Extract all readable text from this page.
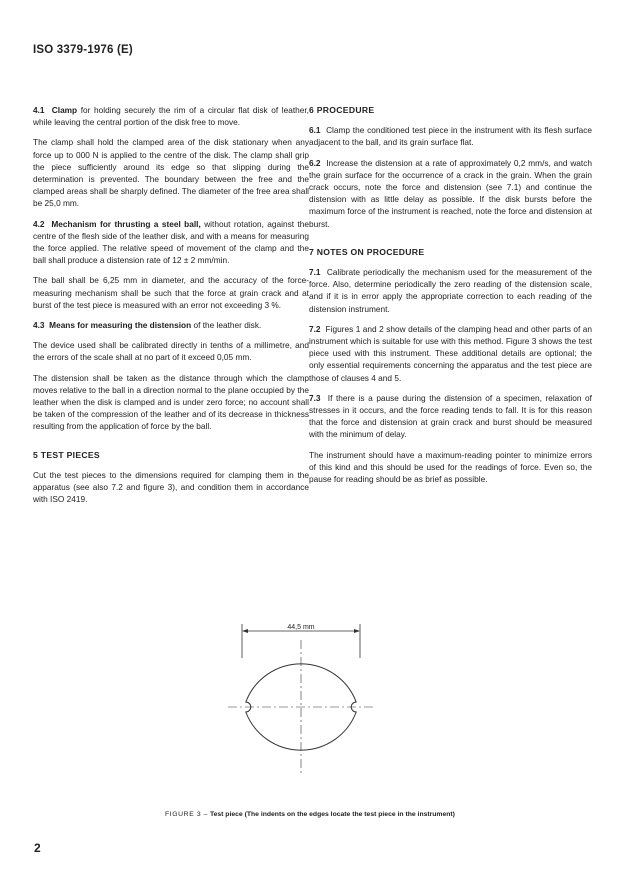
ISO 3379-1976 (E)

4.1 Clamp for holding securely the rim of a circular flat disk of leather, while leaving the central portion of the disk free to move.

The clamp shall hold the clamped area of the disk stationary when any force up to 000 N is applied to the centre of the disk. The clamp shall grip the piece sufficiently around its edge so that slipping during the determination is prevented. The boundary between the free and the clamped areas shall be sharply defined. The diameter of the free area shall be 25,0 mm.

4.2 Mechanism for thrusting a steel ball, without rotation, against the centre of the flesh side of the leather disk, and with a means for measuring the force applied. The relative speed of movement of the clamp and the ball shall produce a distension rate of 12 ± 2 mm/min.

The ball shall be 6,25 mm in diameter, and the accuracy of the force-measuring mechanism shall be such that the force at grain crack and at burst of the test piece is measured with an error not exceeding 3 %.

4.3 Means for measuring the distension of the leather disk.

The device used shall be calibrated directly in tenths of a millimetre, and the errors of the scale shall at no part of it exceed 0,05 mm.

The distension shall be taken as the distance through which the clamp moves relative to the ball in a direction normal to the plane occupied by the leather when the disk is clamped and is under zero force; no account shall be taken of the compression of the leather and of its decrease in thickness resulting from the application of force by the ball.

5 TEST PIECES

Cut the test pieces to the dimensions required for clamping them in the apparatus (see also 7.2 and figure 3), and condition them in accordance with ISO 2419.

6 PROCEDURE

6.1 Clamp the conditioned test piece in the instrument with its flesh surface adjacent to the ball, and its grain surface flat.

6.2 Increase the distension at a rate of approximately 0,2 mm/s, and watch the grain surface for the occurrence of a crack in the grain. When the grain crack occurs, note the force and distension (see 7.1) and continue the distension with as little delay as possible. If the disk bursts before the maximum force of the instrument is reached, note the force and distension at burst.

7 NOTES ON PROCEDURE

7.1 Calibrate periodically the mechanism used for the measurement of the force. Also, determine periodically the zero reading of the distension scale, and if it is in error apply the appropriate correction to each reading of the distension instrument.

7.2 Figures 1 and 2 show details of the clamping head and other parts of an instrument which is suitable for use with this method. Figure 3 shows the test piece used with this instrument. These additional details are optional; the only essential requirements concerning the apparatus and the test piece are those of clauses 4 and 5.

7.3 If there is a pause during the distension of a specimen, relaxation of stresses in it occurs, and the force reading tends to fall. It is for this reason that the force and distension at grain crack and burst should be measured with the minimum of delay.

The instrument should have a maximum-reading pointer to minimize errors of this kind and this should be used for the readings of force. Even so, the pause for reading should be as brief as possible.

44,5 mm
FIGURE 3 – Test piece (The indents on the edges locate the test piece in the instrument)
2
